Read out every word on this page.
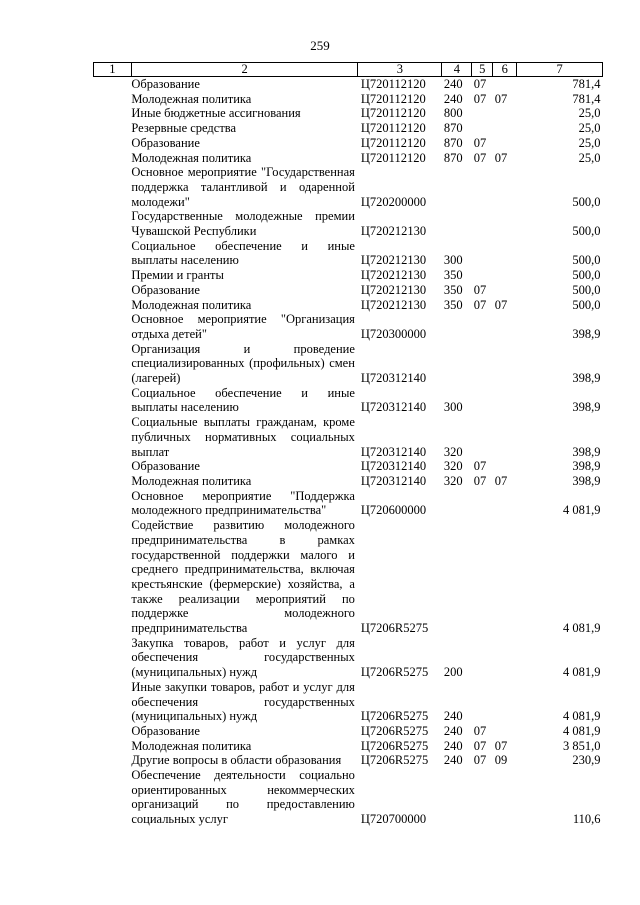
259
1	2	3	4	5	6	7
	Образование	Ц720112120	240	07		781,4
	Молодежная политика	Ц720112120	240	07	07	781,4
	Иные бюджетные ассигнования	Ц720112120	800			25,0
	Резервные средства	Ц720112120	870			25,0
	Образование	Ц720112120	870	07		25,0
	Молодежная политика	Ц720112120	870	07	07	25,0
	Основное мероприятие "Государственная поддержка талантливой и одаренной молодежи"	Ц720200000				500,0
	Государственные молодежные премии Чувашской Республики	Ц720212130				500,0
	Социальное обеспечение и иные выплаты населению	Ц720212130	300			500,0
	Премии и гранты	Ц720212130	350			500,0
	Образование	Ц720212130	350	07		500,0
	Молодежная политика	Ц720212130	350	07	07	500,0
	Основное мероприятие "Организация отдыха детей"	Ц720300000				398,9
	Организация и проведение специализированных (профильных) смен (лагерей)	Ц720312140				398,9
	Социальное обеспечение и иные выплаты населению	Ц720312140	300			398,9
	Социальные выплаты гражданам, кроме публичных нормативных социальных выплат	Ц720312140	320			398,9
	Образование	Ц720312140	320	07		398,9
	Молодежная политика	Ц720312140	320	07	07	398,9
	Основное мероприятие "Поддержка молодежного предпринимательства"	Ц720600000				4 081,9
	Содействие развитию молодежного предпринимательства в рамках государственной поддержки малого и среднего предпринимательства, включая крестьянские (фермерские) хозяйства, а также реализации мероприятий по поддержке молодежного предпринимательства	Ц7206R5275				4 081,9
	Закупка товаров, работ и услуг для обеспечения государственных (муниципальных) нужд	Ц7206R5275	200			4 081,9
	Иные закупки товаров, работ и услуг для обеспечения государственных (муниципальных) нужд	Ц7206R5275	240			4 081,9
	Образование	Ц7206R5275	240	07		4 081,9
	Молодежная политика	Ц7206R5275	240	07	07	3 851,0
	Другие вопросы в области образования	Ц7206R5275	240	07	09	230,9
	Обеспечение деятельности социально ориентированных некоммерческих организаций по предоставлению социальных услуг	Ц720700000				110,6
